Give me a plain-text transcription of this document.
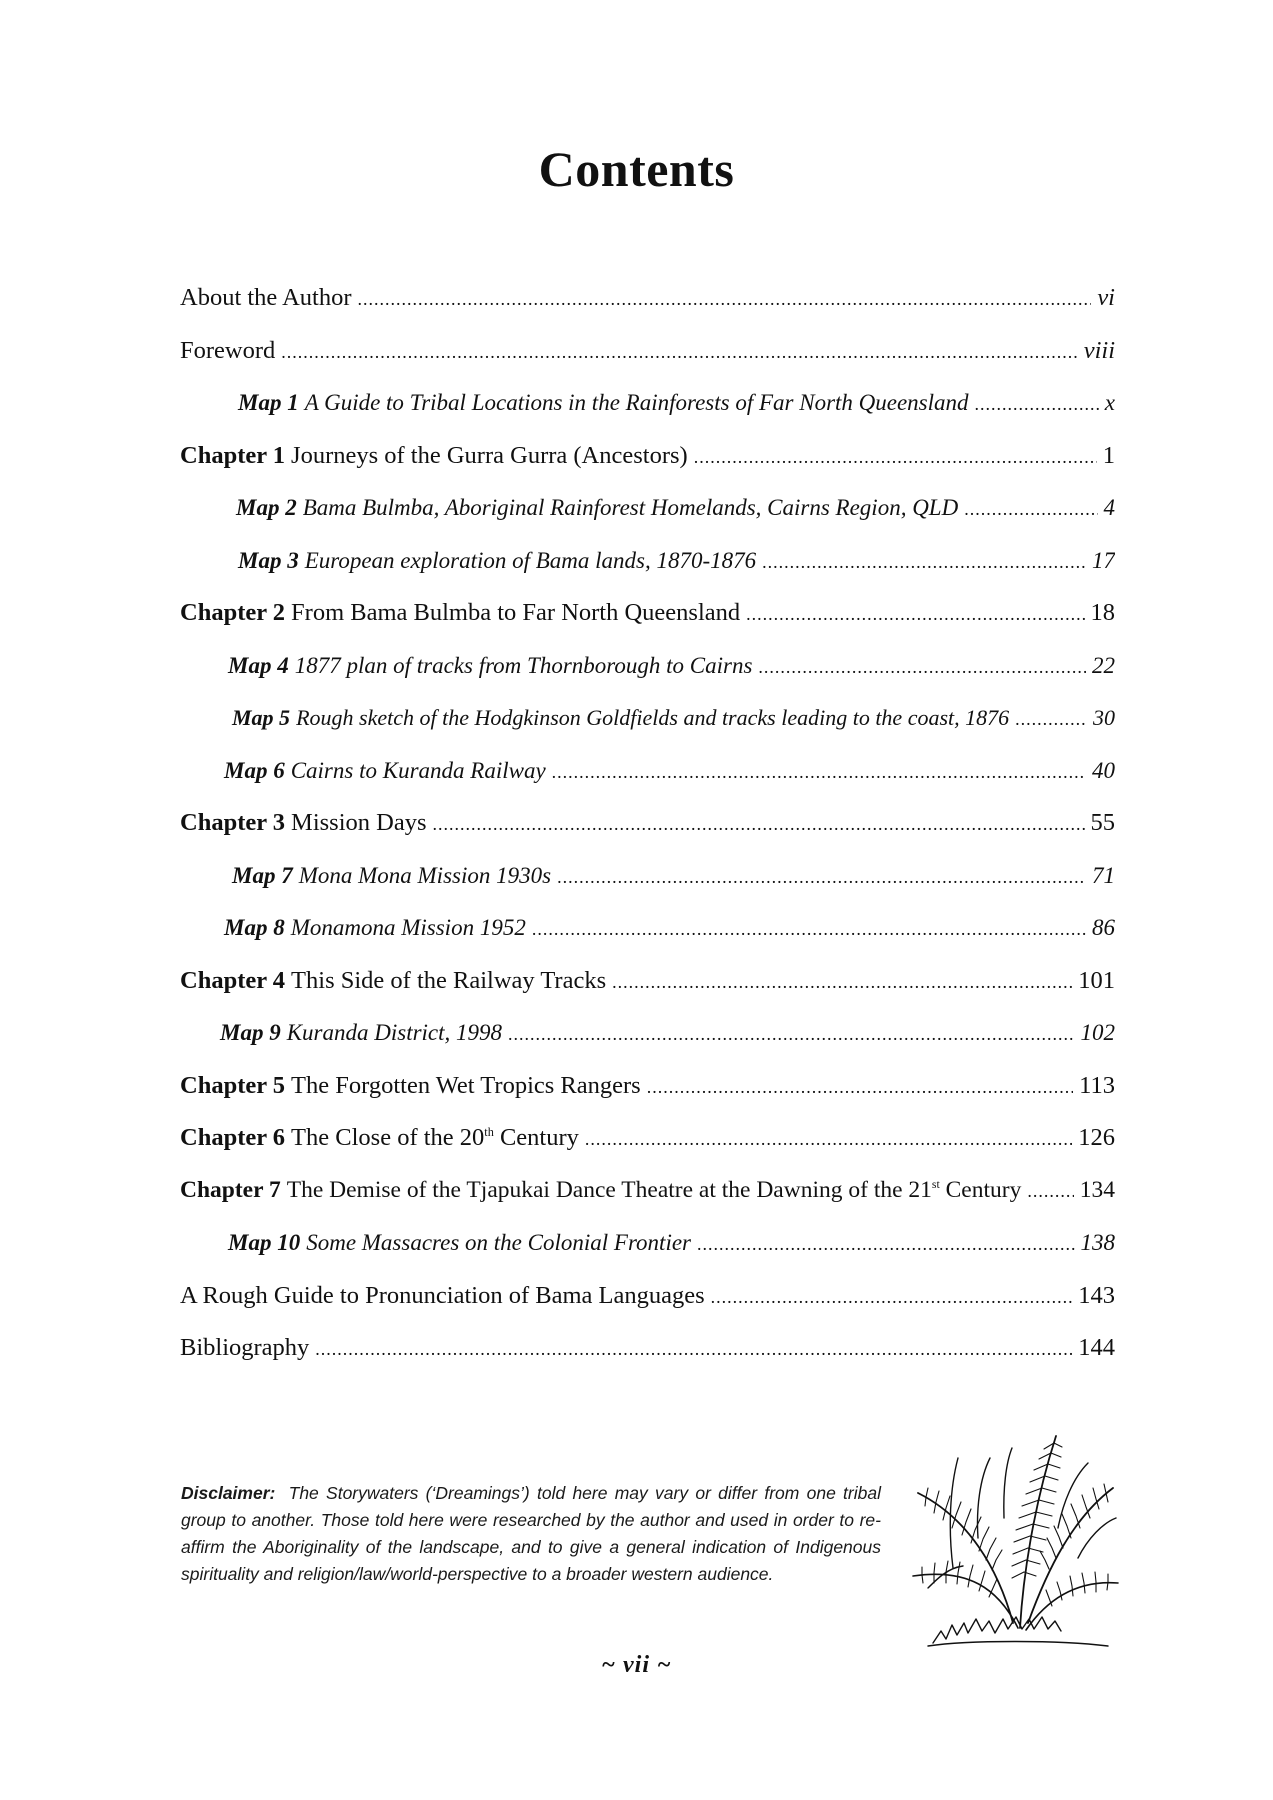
Contents
About the Author .....	vi
Foreword .....	viii
Map 1 A Guide to Tribal Locations in the Rainforests of Far North Queensland .....	x
Chapter 1 Journeys of the Gurra Gurra (Ancestors) .....	1
Map 2 Bama Bulmba, Aboriginal Rainforest Homelands, Cairns Region, QLD .....	4
Map 3 European exploration of Bama lands, 1870-1876 .....	17
Chapter 2 From Bama Bulmba to Far North Queensland .....	18
Map 4 1877 plan of tracks from Thornborough to Cairns .....	22
Map 5 Rough sketch of the Hodgkinson Goldfields and tracks leading to the coast, 1876 .....	30
Map 6 Cairns to Kuranda Railway .....	40
Chapter 3 Mission Days .....	55
Map 7 Mona Mona Mission 1930s .....	71
Map 8 Monamona Mission 1952 .....	86
Chapter 4 This Side of the Railway Tracks .....	101
Map 9 Kuranda District, 1998 .....	102
Chapter 5 The Forgotten Wet Tropics Rangers .....	113
Chapter 6 The Close of the 20th Century .....	126
Chapter 7 The Demise of the Tjapukai Dance Theatre at the Dawning of the 21st Century ..... 134
Map 10 Some Massacres on the Colonial Frontier .....	138
A Rough Guide to Pronunciation of Bama Languages .....	143
Bibliography .....	144
Disclaimer: The Storywaters (‘Dreamings’) told here may vary or differ from one tribal group to another. Those told here were researched by the author and used in order to re-affirm the Aboriginality of the landscape, and to give a general indication of Indigenous spirituality and religion/law/world-perspective to a broader western audience.
~ vii ~
